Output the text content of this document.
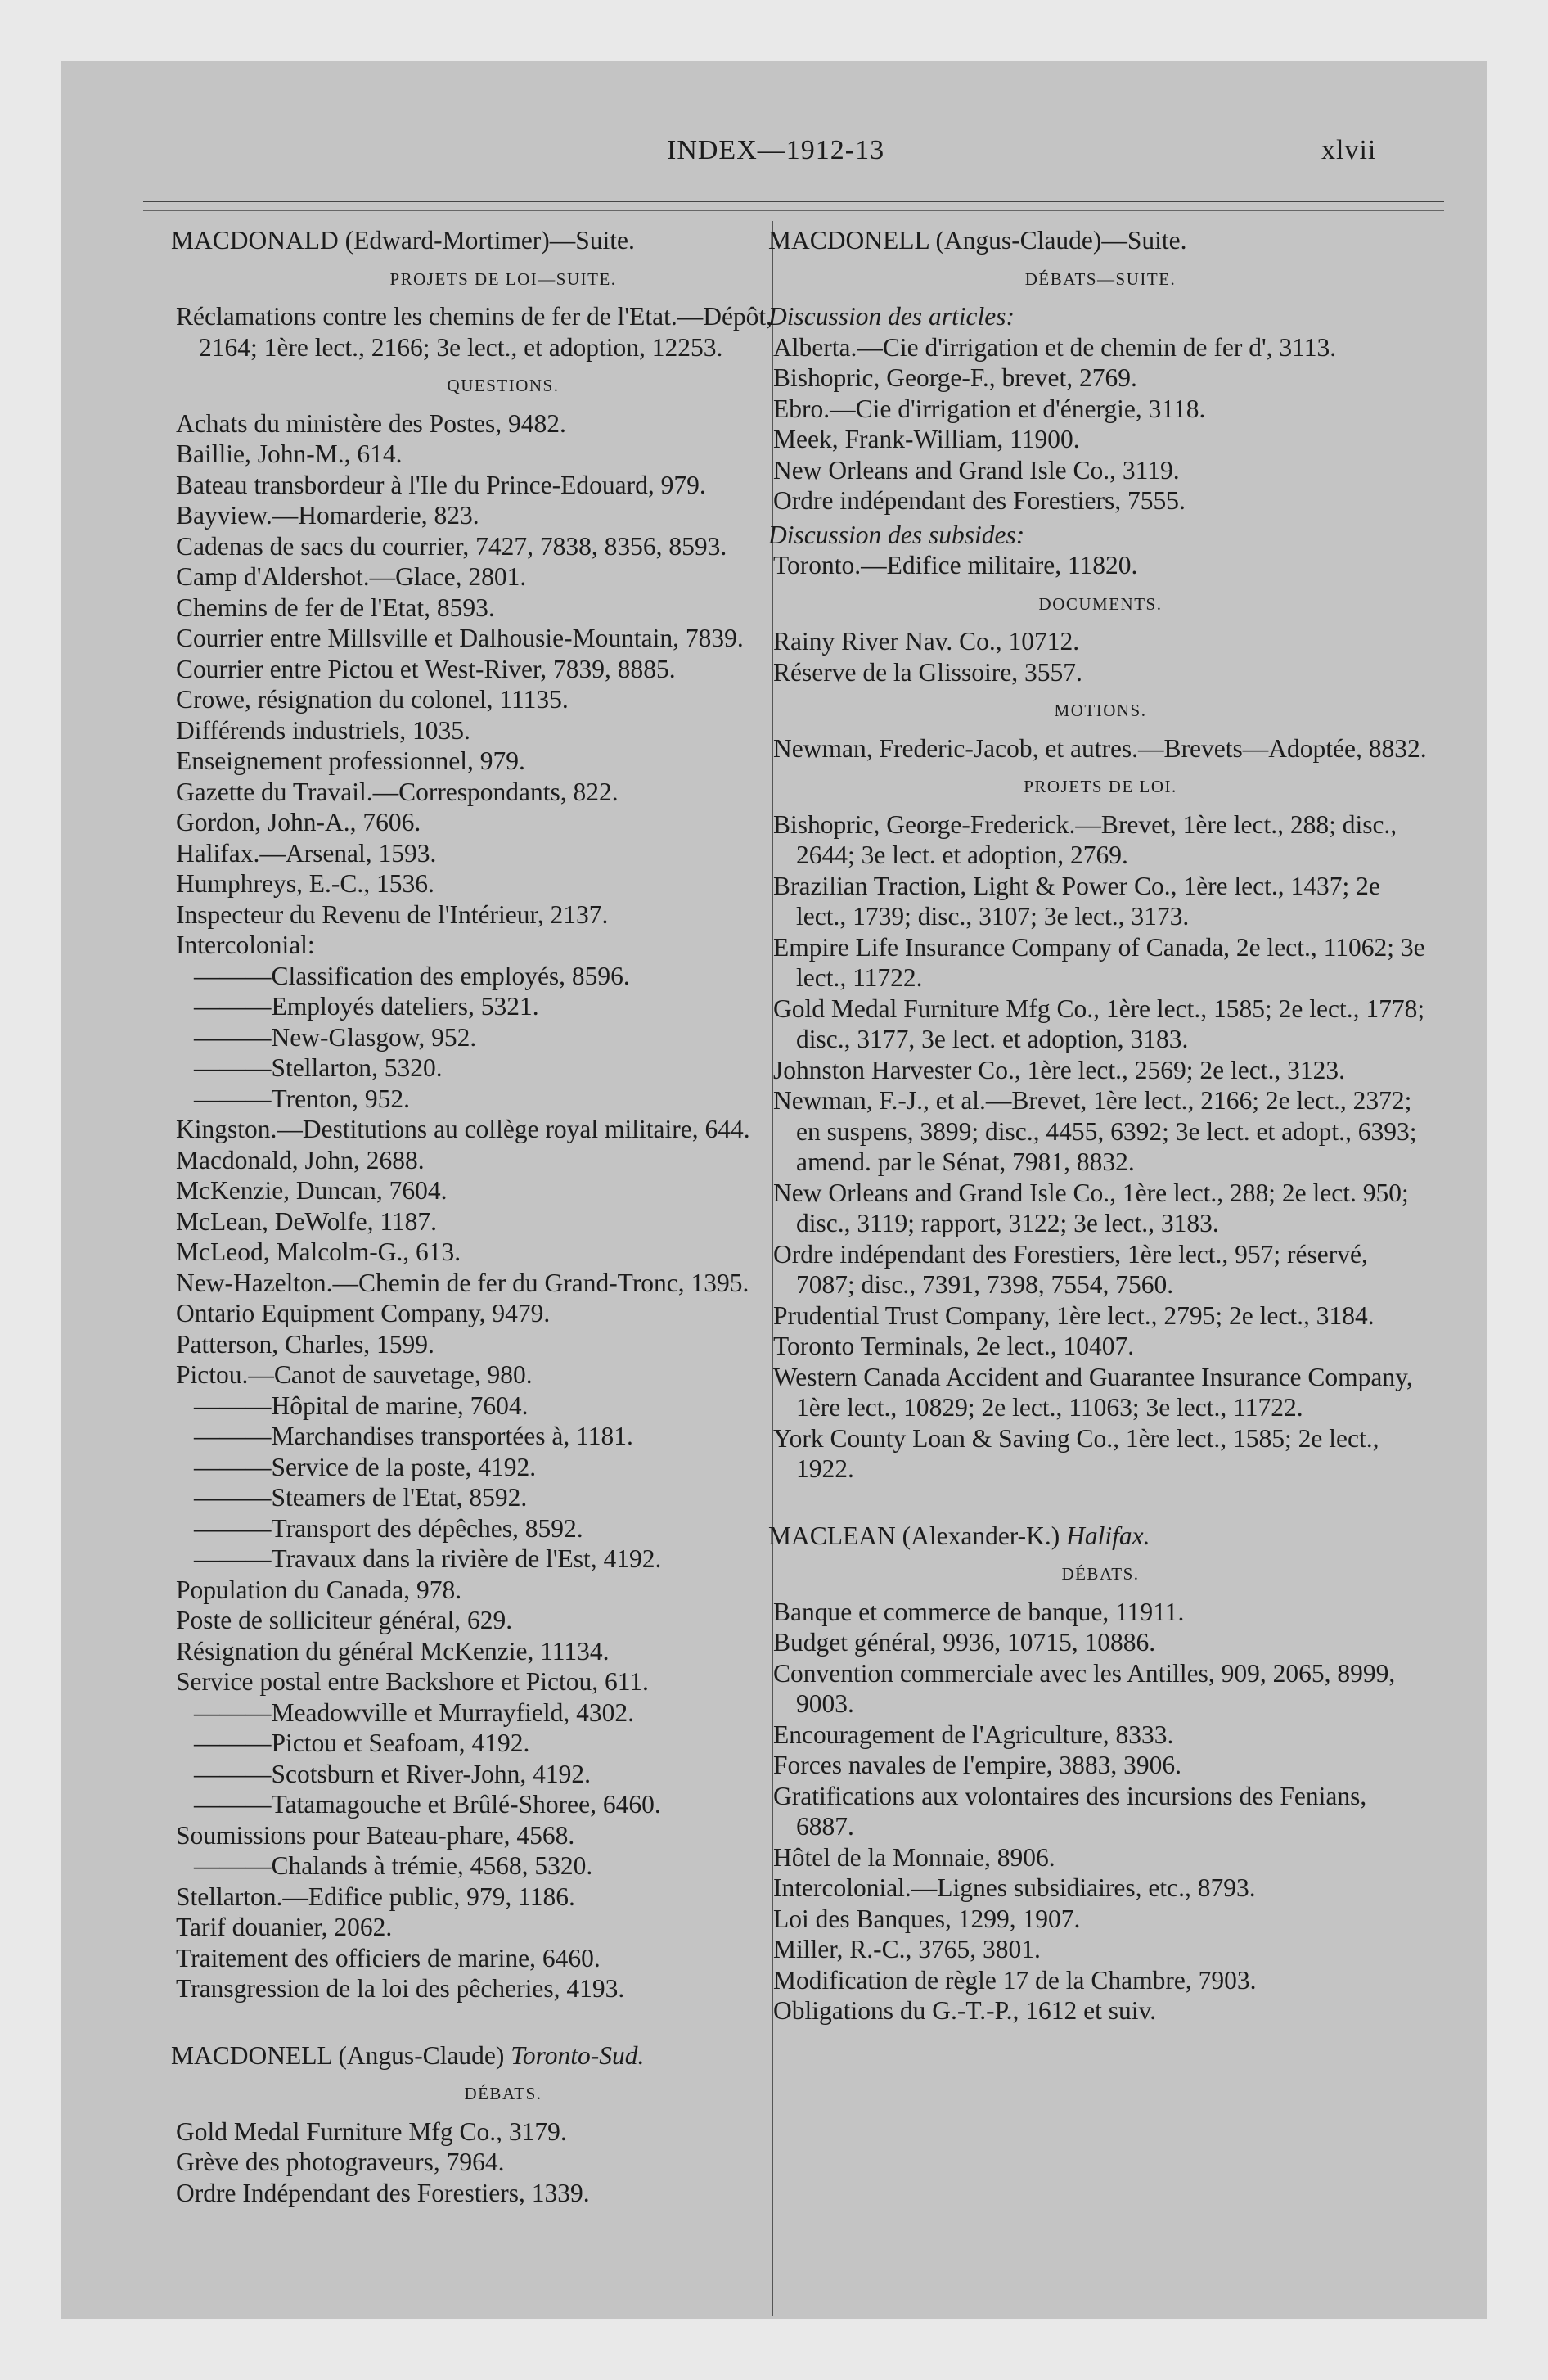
INDEX—1912-13	xlvii
MACDONALD (Edward-Mortimer)—Suite.
PROJETS DE LOI—SUITE.
Réclamations contre les chemins de fer de l'Etat.—Dépôt, 2164; 1ère lect., 2166; 3e lect., et adoption, 12253.
QUESTIONS.
Achats du ministère des Postes, 9482.
Baillie, John-M., 614.
Bateau transbordeur à l'Ile du Prince-Edouard, 979.
Bayview.—Homarderie, 823.
Cadenas de sacs du courrier, 7427, 7838, 8356, 8593.
Camp d'Aldershot.—Glace, 2801.
Chemins de fer de l'Etat, 8593.
Courrier entre Millsville et Dalhousie-Mountain, 7839.
Courrier entre Pictou et West-River, 7839, 8885.
Crowe, résignation du colonel, 11135.
Différends industriels, 1035.
Enseignement professionnel, 979.
Gazette du Travail.—Correspondants, 822.
Gordon, John-A., 7606.
Halifax.—Arsenal, 1593.
Humphreys, E.-C., 1536.
Inspecteur du Revenu de l'Intérieur, 2137.
Intercolonial:
———Classification des employés, 8596.
———Employés dateliers, 5321.
———New-Glasgow, 952.
———Stellarton, 5320.
———Trenton, 952.
Kingston.—Destitutions au collège royal militaire, 644.
Macdonald, John, 2688.
McKenzie, Duncan, 7604.
McLean, DeWolfe, 1187.
McLeod, Malcolm-G., 613.
New-Hazelton.—Chemin de fer du Grand-Tronc, 1395.
Ontario Equipment Company, 9479.
Patterson, Charles, 1599.
Pictou.—Canot de sauvetage, 980.
———Hôpital de marine, 7604.
———Marchandises transportées à, 1181.
———Service de la poste, 4192.
———Steamers de l'Etat, 8592.
———Transport des dépêches, 8592.
———Travaux dans la rivière de l'Est, 4192.
Population du Canada, 978.
Poste de solliciteur général, 629.
Résignation du général McKenzie, 11134.
Service postal entre Backshore et Pictou, 611.
———Meadowville et Murrayfield, 4302.
———Pictou et Seafoam, 4192.
———Scotsburn et River-John, 4192.
———Tatamagouche et Brûlé-Shoree, 6460.
Soumissions pour Bateau-phare, 4568.
———Chalands à trémie, 4568, 5320.
Stellarton.—Edifice public, 979, 1186.
Tarif douanier, 2062.
Traitement des officiers de marine, 6460.
Transgression de la loi des pêcheries, 4193.
MACDONELL (Angus-Claude) Toronto-Sud.
DÉBATS.
Gold Medal Furniture Mfg Co., 3179.
Grève des photograveurs, 7964.
Ordre Indépendant des Forestiers, 1339.
MACDONELL (Angus-Claude)—Suite.
DÉBATS—SUITE.
Discussion des articles:
Alberta.—Cie d'irrigation et de chemin de fer d', 3113.
Bishopric, George-F., brevet, 2769.
Ebro.—Cie d'irrigation et d'énergie, 3118.
Meek, Frank-William, 11900.
New Orleans and Grand Isle Co., 3119.
Ordre indépendant des Forestiers, 7555.
Discussion des subsides:
Toronto.—Edifice militaire, 11820.
DOCUMENTS.
Rainy River Nav. Co., 10712.
Réserve de la Glissoire, 3557.
MOTIONS.
Newman, Frederic-Jacob, et autres.—Brevets—Adoptée, 8832.
PROJETS DE LOI.
Bishopric, George-Frederick.—Brevet, 1ère lect., 288; disc., 2644; 3e lect. et adoption, 2769.
Brazilian Traction, Light & Power Co., 1ère lect., 1437; 2e lect., 1739; disc., 3107; 3e lect., 3173.
Empire Life Insurance Company of Canada, 2e lect., 11062; 3e lect., 11722.
Gold Medal Furniture Mfg Co., 1ère lect., 1585; 2e lect., 1778; disc., 3177, 3e lect. et adoption, 3183.
Johnston Harvester Co., 1ère lect., 2569; 2e lect., 3123.
Newman, F.-J., et al.—Brevet, 1ère lect., 2166; 2e lect., 2372; en suspens, 3899; disc., 4455, 6392; 3e lect. et adopt., 6393; amend. par le Sénat, 7981, 8832.
New Orleans and Grand Isle Co., 1ère lect., 288; 2e lect. 950; disc., 3119; rapport, 3122; 3e lect., 3183.
Ordre indépendant des Forestiers, 1ère lect., 957; réservé, 7087; disc., 7391, 7398, 7554, 7560.
Prudential Trust Company, 1ère lect., 2795; 2e lect., 3184.
Toronto Terminals, 2e lect., 10407.
Western Canada Accident and Guarantee Insurance Company, 1ère lect., 10829; 2e lect., 11063; 3e lect., 11722.
York County Loan & Saving Co., 1ère lect., 1585; 2e lect., 1922.
MACLEAN (Alexander-K.) Halifax.
DÉBATS.
Banque et commerce de banque, 11911.
Budget général, 9936, 10715, 10886.
Convention commerciale avec les Antilles, 909, 2065, 8999, 9003.
Encouragement de l'Agriculture, 8333.
Forces navales de l'empire, 3883, 3906.
Gratifications aux volontaires des incursions des Fenians, 6887.
Hôtel de la Monnaie, 8906.
Intercolonial.—Lignes subsidiaires, etc., 8793.
Loi des Banques, 1299, 1907.
Miller, R.-C., 3765, 3801.
Modification de règle 17 de la Chambre, 7903.
Obligations du G.-T.-P., 1612 et suiv.
